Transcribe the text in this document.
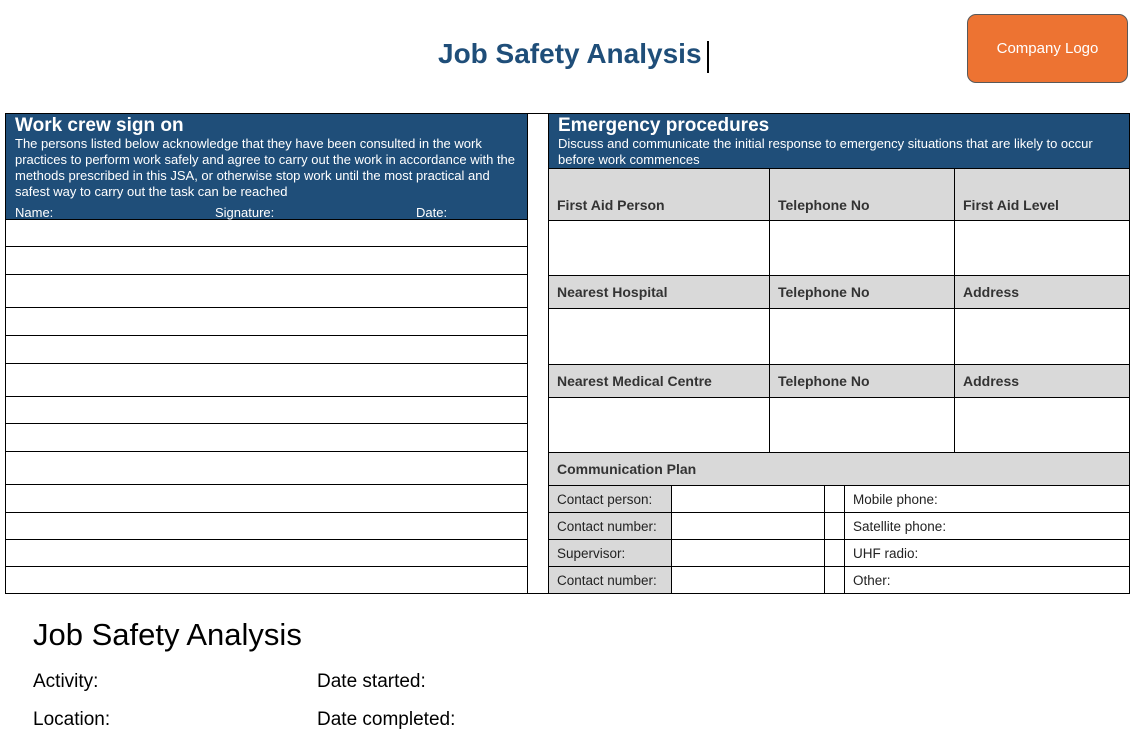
Job Safety Analysis	Company Logo
Work crew sign on
The persons listed below acknowledge that they have been consulted in the work practices to perform work safely and agree to carry out the work in accordance with the methods prescribed in this JSA, or otherwise stop work until the most practical and safest way to carry out the task can be reached
Name:	Signature:	Date:
Emergency procedures
Discuss and communicate the initial response to emergency situations that are likely to occur before work commences
First Aid Person	Telephone No	First Aid Level
Nearest Hospital	Telephone No	Address
Nearest Medical Centre	Telephone No	Address
Communication Plan
Contact person:	Mobile phone:
Contact number:	Satellite phone:
Supervisor:	UHF radio:
Contact number:	Other:
Job Safety Analysis
Activity:	Date started:
Location:	Date completed:
